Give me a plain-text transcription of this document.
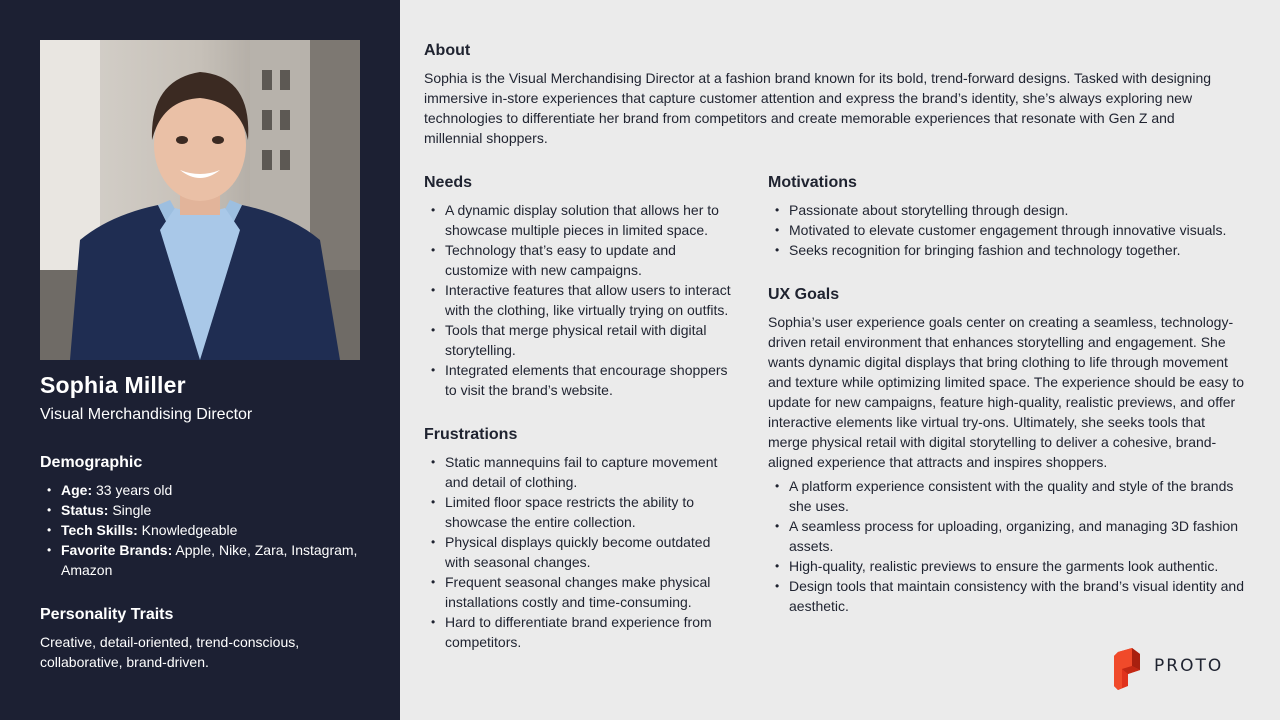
Sophia Miller
Visual Merchandising Director
Demographic
• Age: 33 years old
• Status: Single
• Tech Skills: Knowledgeable
• Favorite Brands: Apple, Nike, Zara, Instagram, Amazon
Personality Traits
Creative, detail-oriented, trend-conscious, collaborative, brand-driven.
About

Sophia is the Visual Merchandising Director at a fashion brand known for its bold, trend-forward designs. Tasked with designing immersive in-store experiences that capture customer attention and express the brand’s identity, she’s always exploring new technologies to differentiate her brand from competitors and create memorable experiences that resonate with Gen Z and millennial shoppers.

Needs
• A dynamic display solution that allows her to showcase multiple pieces in limited space.
• Technology that’s easy to update and customize with new campaigns.
• Interactive features that allow users to interact with the clothing, like virtually trying on outfits.
• Tools that merge physical retail with digital storytelling.
• Integrated elements that encourage shoppers to visit the brand’s website.
Frustrations
• Static mannequins fail to capture movement and detail of clothing.
• Limited floor space restricts the ability to showcase the entire collection.
• Physical displays quickly become outdated with seasonal changes.
• Frequent seasonal changes make physical installations costly and time-consuming.
• Hard to differentiate brand experience from competitors.
Motivations
• Passionate about storytelling through design.
• Motivated to elevate customer engagement through innovative visuals.
• Seeks recognition for bringing fashion and technology together.
UX Goals

Sophia’s user experience goals center on creating a seamless, technology-driven retail environment that enhances storytelling and engagement. She wants dynamic digital displays that bring clothing to life through movement and texture while optimizing limited space. The experience should be easy to update for new campaigns, feature high-quality, realistic previews, and offer interactive elements like virtual try-ons. Ultimately, she seeks tools that merge physical retail with digital storytelling to deliver a cohesive, brand-aligned experience that attracts and inspires shoppers.

• A platform experience consistent with the quality and style of the brands she uses.
• A seamless process for uploading, organizing, and managing 3D fashion assets.
• High-quality, realistic previews to ensure the garments look authentic.
• Design tools that maintain consistency with the brand’s visual identity and aesthetic.
PROTO
